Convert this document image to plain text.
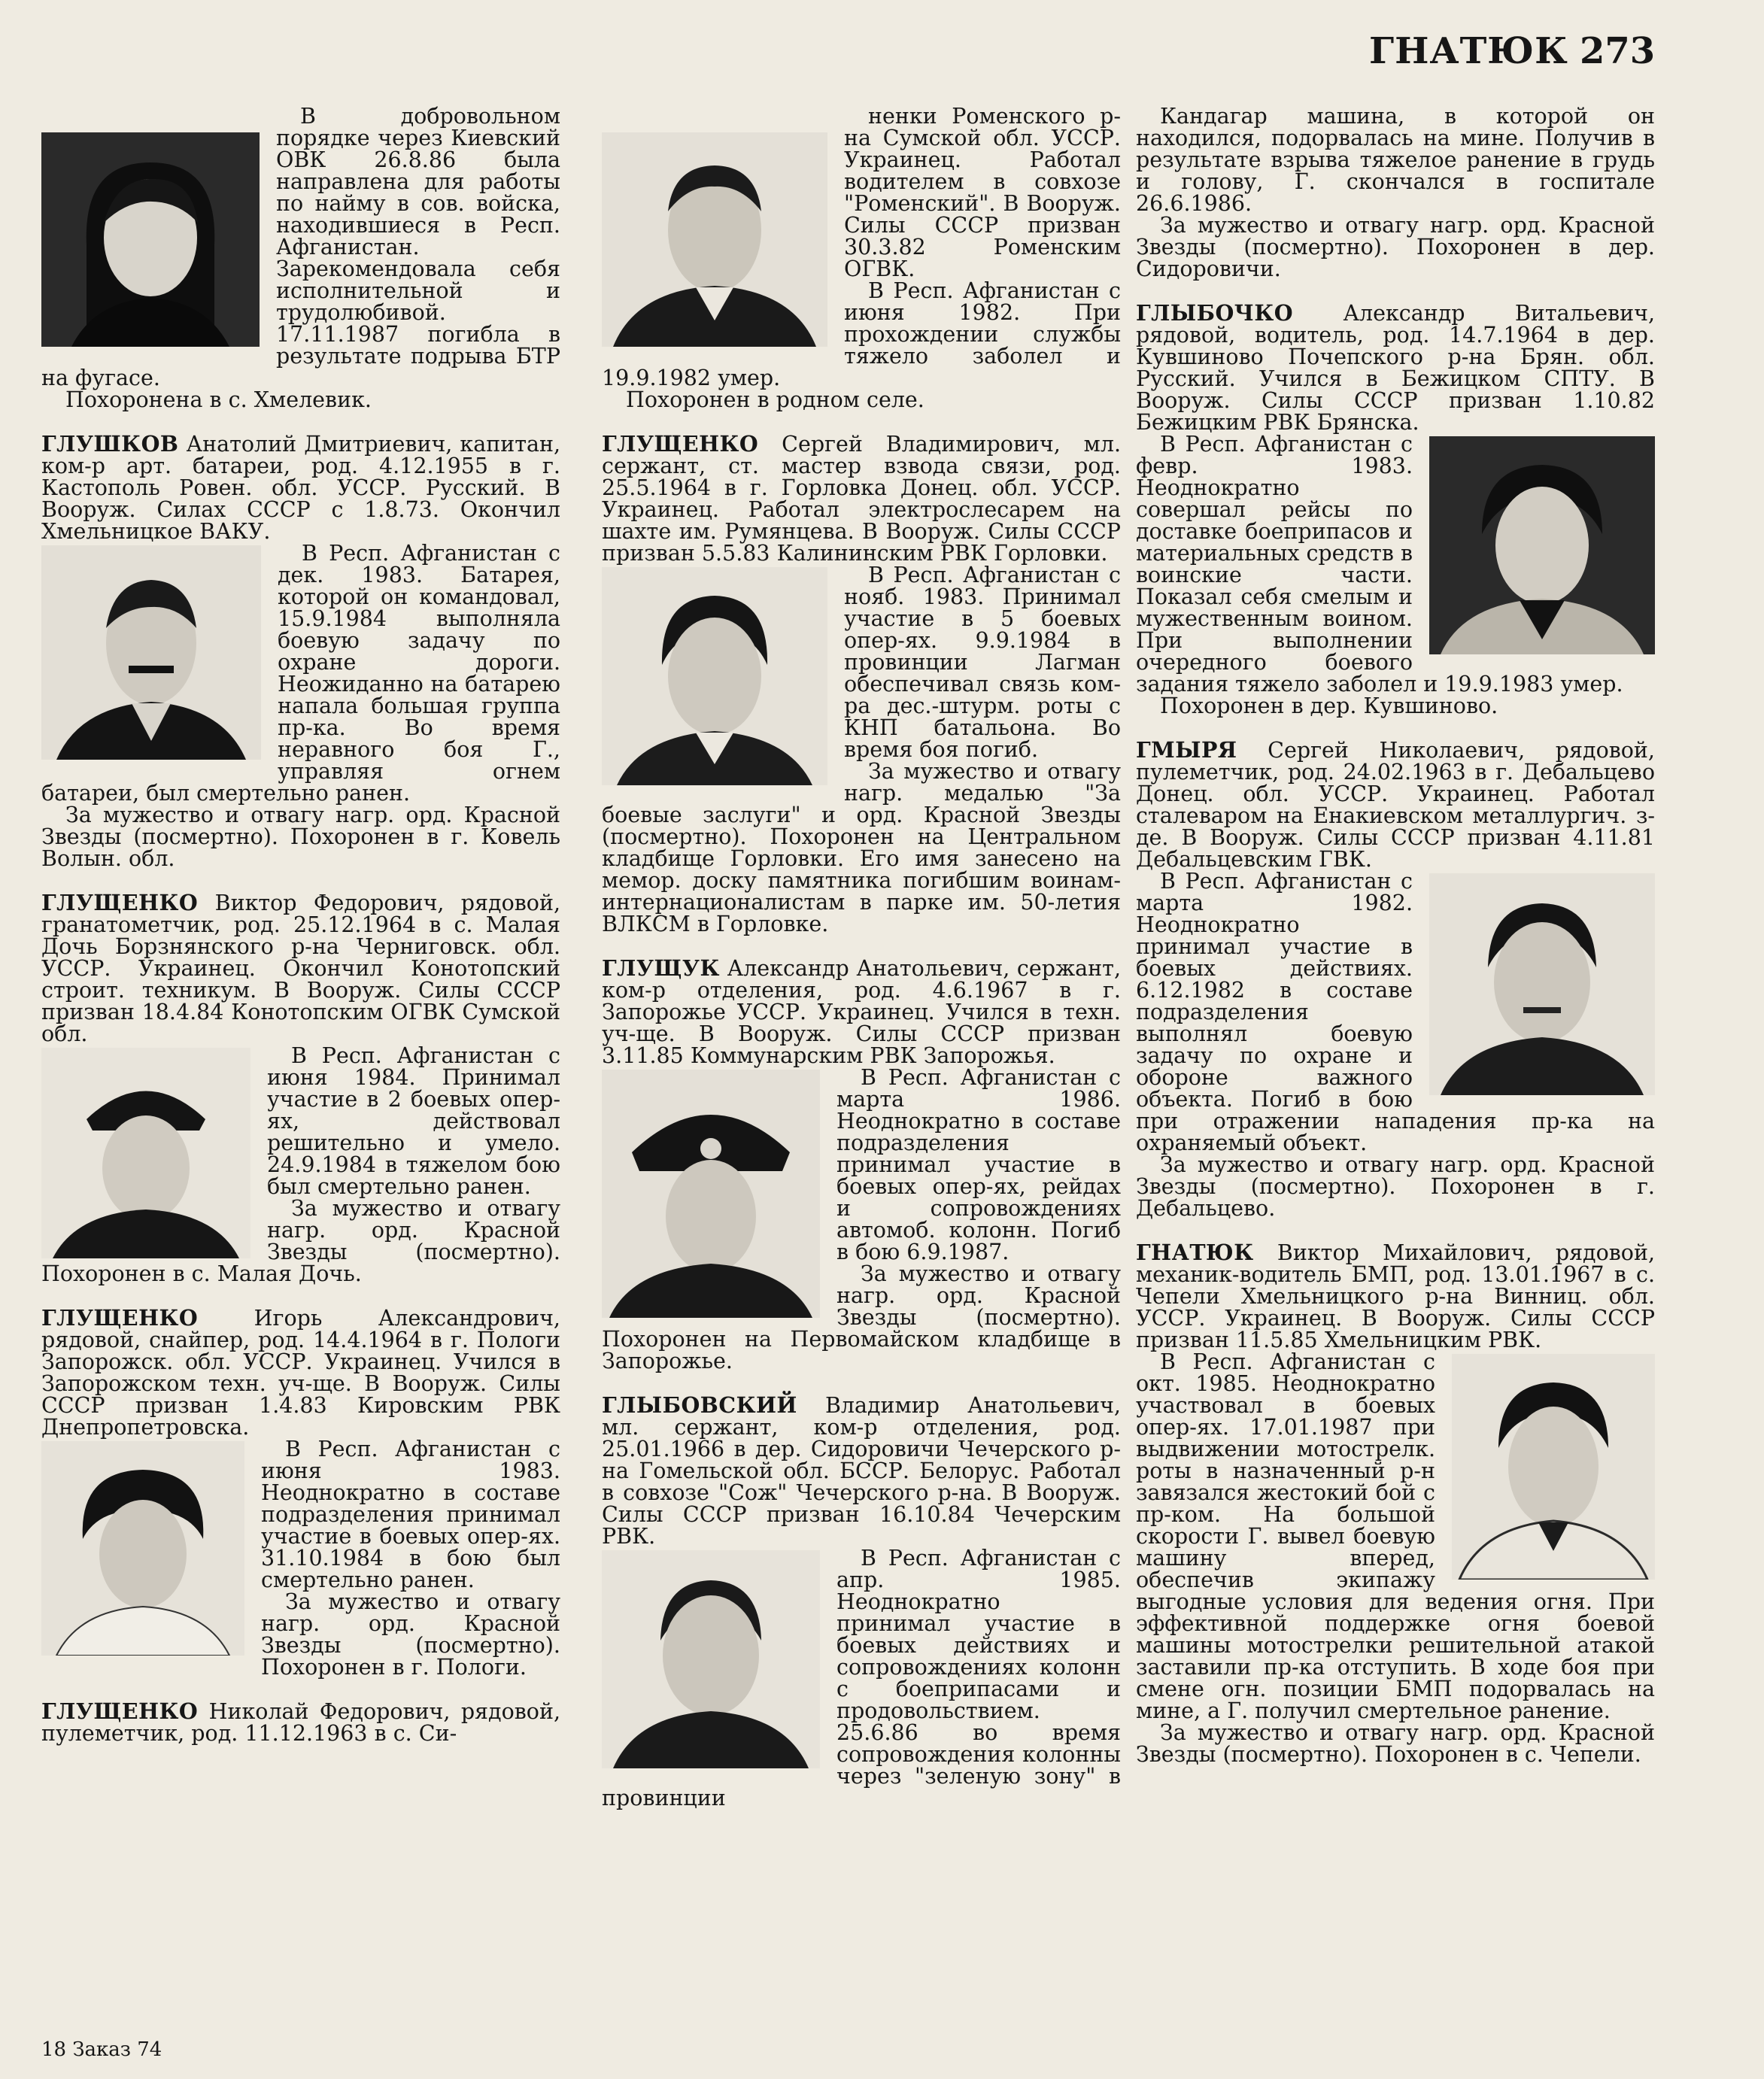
ГНАТЮК 273

В добровольном порядке через Киевский ОВК 26.8.86 была направлена для работы по найму в сов. войска, находившиеся в Респ. Афганистан. Зарекомендовала себя исполнительной и трудолюбивой. 17.11.1987 погибла в результате подрыва БТР на фугасе.

Похоронена в с. Хмелевик.

ГЛУШКОВ Анатолий Дмитриевич, капитан, ком-р арт. батареи, род. 4.12.1955 в г. Кастополь Ровен. обл. УССР. Русский. В Вооруж. Силах СССР с 1.8.73. Окончил Хмельницкое ВАКУ.

В Респ. Афганистан с дек. 1983. Батарея, которой он командовал, 15.9.1984 выполняла боевую задачу по охране дороги. Неожиданно на батарею напала большая группа пр-ка. Во время неравного боя Г., управляя огнем батареи, был смертельно ранен.

За мужество и отвагу нагр. орд. Красной Звезды (посмертно). Похоронен в г. Ковель Волын. обл.

ГЛУЩЕНКО Виктор Федорович, рядовой, гранатометчик, род. 25.12.1964 в с. Малая Дочь Борзнянского р-на Черниговск. обл. УССР. Украинец. Окончил Конотопский строит. техникум. В Вооруж. Силы СССР призван 18.4.84 Конотопским ОГВК Сумской обл.

В Респ. Афганистан с июня 1984. Принимал участие в 2 боевых опер-ях, действовал решительно и умело. 24.9.1984 в тяжелом бою был смертельно ранен.

За мужество и отвагу нагр. орд. Красной Звезды (посмертно). Похоронен в с. Малая Дочь.

ГЛУЩЕНКО	Игорь Александрович, рядовой, снайпер, род. 14.4.1964 в г. Пологи Запорожск. обл. УССР. Украинец. Учился в Запорожском техн. уч-ще. В Вооруж. Силы СССР призван 1.4.83 Кировским РВК Днепропетровска.

В Респ. Афганистан с июня 1983. Неоднократно в составе подразделения принимал участие в боевых опер-ях. 31.10.1984 в бою был смертельно ранен.

За мужество и отвагу нагр. орд. Красной Звезды (посмертно). Похоронен в г. Пологи.

ГЛУЩЕНКО Николай Федорович, рядовой, пулеметчик, род. 11.12.1963 в с. Си-

ненки Роменского р-на Сумской обл. УССР. Украинец. Работал водителем в совхозе "Роменский". В Вооруж. Силы СССР призван 30.3.82 Роменским ОГВК.

В Респ. Афганистан с июня 1982. При прохождении службы тяжело заболел и 19.9.1982 умер.

Похоронен в родном селе.

ГЛУЩЕНКО Сергей Владимирович, мл. сержант, ст. мастер взвода связи, род. 25.5.1964 в г. Горловка Донец. обл. УССР. Украинец. Работал электрослесарем на шахте им. Румянцева. В Вооруж. Силы СССР призван 5.5.83 Калининским РВК Горловки.

В Респ. Афганистан с нояб. 1983. Принимал участие в 5 боевых опер-ях. 9.9.1984 в провинции Лагман обеспечивал связь ком-ра дес.-штурм. роты с КНП батальона. Во время боя погиб.

За мужество и отвагу нагр. медалью "За боевые заслуги" и орд. Красной Звезды (посмертно). Похоронен на Центральном кладбище Горловки. Его имя занесено на мемор. доску памятника погибшим воинам-интернационалистам в парке им. 50-летия ВЛКСМ в Горловке.

ГЛУЩУК Александр Анатольевич, сержант, ком-р отделения, род. 4.6.1967 в г. Запорожье УССР. Украинец. Учился в техн. уч-ще. В Вооруж. Силы СССР призван 3.11.85 Коммунарским РВК Запорожья.

В Респ. Афганистан с марта 1986. Неоднократно в составе подразделения принимал участие в боевых опер-ях, рейдах и сопровождениях автомоб. колонн. Погиб в бою 6.9.1987.

За мужество и отвагу нагр. орд. Красной Звезды (посмертно). Похоронен на Первомайском кладбище в Запорожье.

ГЛЫБОВСКИЙ Владимир Анатольевич, мл. сержант, ком-р отделения, род. 25.01.1966 в дер. Сидоровичи Чечерского р-на Гомельской обл. БССР. Белорус. Работал в совхозе "Сож" Чечерского р-на. В Вооруж. Силы СССР призван 16.10.84 Чечерским РВК.

В Респ. Афганистан с апр. 1985. Неоднократно принимал участие в боевых действиях и сопровождениях колонн с боеприпасами и продовольствием. 25.6.86 во время сопровождения колонны через "зеленую зону" в провинции

Кандагар машина, в которой он находился, подорвалась на мине. Получив в результате взрыва тяжелое ранение в грудь и голову, Г. скончался в госпитале 26.6.1986.

За мужество и отвагу нагр. орд. Красной Звезды (посмертно). Похоронен в дер. Сидоровичи.

ГЛЫБОЧКО Александр Витальевич, рядовой, водитель, род. 14.7.1964 в дер. Кувшиново Почепского р-на Брян. обл. Русский. Учился в Бежицком СПТУ. В Вооруж. Силы СССР призван 1.10.82 Бежицким РВК Брянска.

В Респ. Афганистан с февр. 1983. Неоднократно совершал рейсы по доставке боеприпасов и материальных средств в воинские части. Показал себя смелым и мужественным воином. При выполнении очередного боевого задания тяжело заболел и 19.9.1983 умер.

Похоронен в дер. Кувшиново.

ГМЫРЯ Сергей Николаевич, рядовой, пулеметчик, род. 24.02.1963 в г. Дебальцево Донец. обл. УССР. Украинец. Работал сталеваром на Енакиевском металлургич. з-де. В Вооруж. Силы СССР призван 4.11.81 Дебальцевским ГВК.

В Респ. Афганистан с марта 1982. Неоднократно принимал участие в боевых действиях. 6.12.1982 в составе подразделения выполнял боевую задачу по охране и обороне важного объекта. Погиб в бою при отражении нападения пр-ка на охраняемый объект.

За мужество и отвагу нагр. орд. Красной Звезды (посмертно). Похоронен в г. Дебальцево.

ГНАТЮК Виктор Михайлович, рядовой, механик-водитель БМП, род. 13.01.1967 в с. Чепели Хмельницкого р-на Винниц. обл. УССР. Украинец. В Вооруж. Силы СССР призван 11.5.85 Хмельницким РВК.

В Респ. Афганистан с окт. 1985. Неоднократно участвовал в боевых опер-ях. 17.01.1987 при выдвижении мотострелк. роты в назначенный р-н завязался жестокий бой с пр-ком. На большой скорости Г. вывел боевую машину вперед, обеспечив экипажу выгодные условия для ведения огня. При эффективной поддержке огня боевой машины мотострелки решительной атакой заставили пр-ка отступить. В ходе боя при смене огн. позиции БМП подорвалась на мине, а Г. получил смертельное ранение.

За мужество и отвагу нагр. орд. Красной Звезды (посмертно). Похоронен в с. Чепели.

18 Заказ 74
